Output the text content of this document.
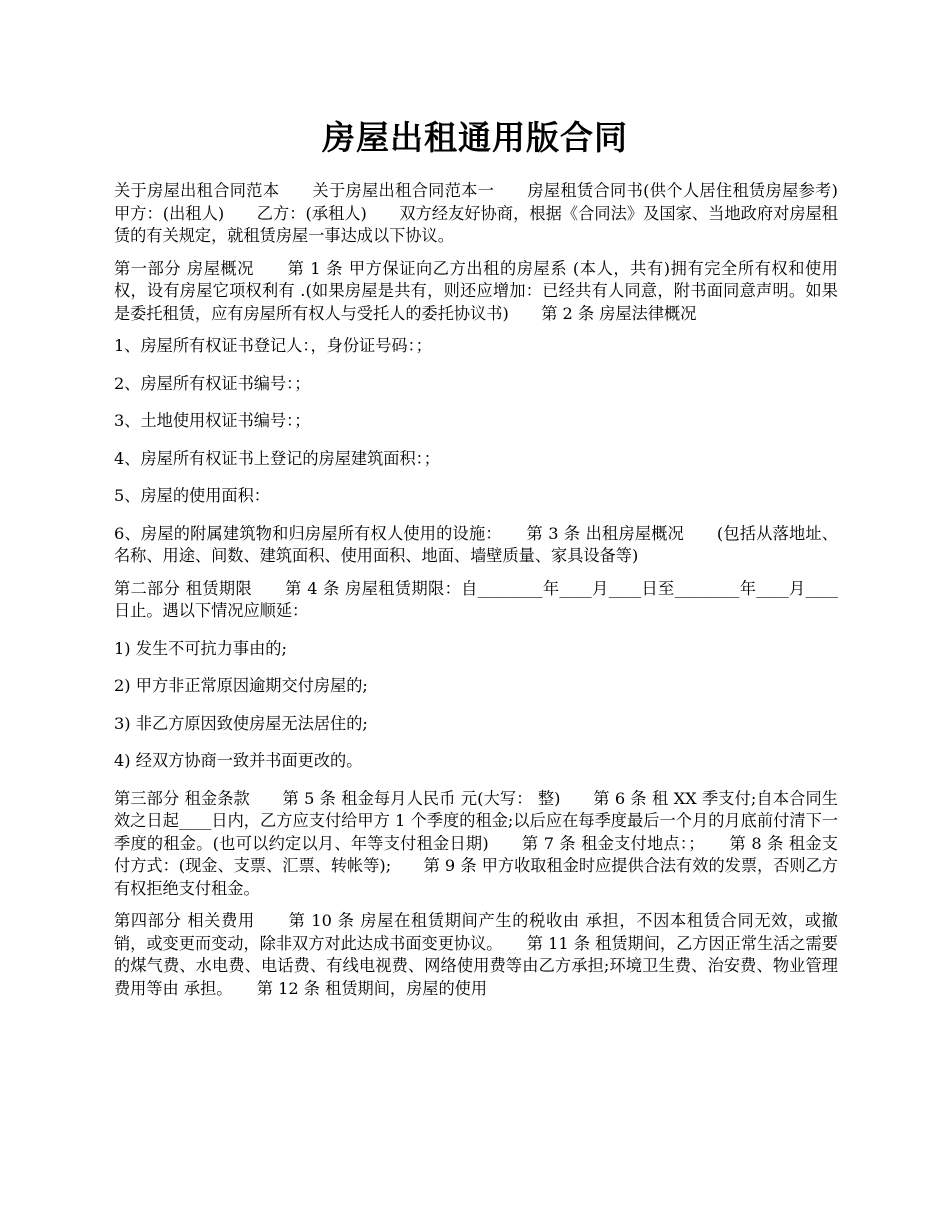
房屋出租通用版合同

关于房屋出租合同范本　　关于房屋出租合同范本一　　房屋租赁合同书(供个人居住租赁房屋参考)　　甲方：(出租人)　　乙方：(承租人)　　双方经友好协商，根据《合同法》及国家、当地政府对房屋租赁的有关规定，就租赁房屋一事达成以下协议。

第一部分 房屋概况　　第 1 条 甲方保证向乙方出租的房屋系 (本人，共有)拥有完全所有权和使用权，设有房屋它项权利有 .(如果房屋是共有，则还应增加：已经共有人同意，附书面同意声明。如果是委托租赁，应有房屋所有权人与受托人的委托协议书)　　第 2 条 房屋法律概况

1、房屋所有权证书登记人：，身份证号码：；

2、房屋所有权证书编号：；

3、土地使用权证书编号：；

4、房屋所有权证书上登记的房屋建筑面积：；

5、房屋的使用面积：

6、房屋的附属建筑物和归房屋所有权人使用的设施：　　第 3 条 出租房屋概况　　(包括从落地址、名称、用途、间数、建筑面积、使用面积、地面、墙壁质量、家具设备等)

第二部分 租赁期限　　第 4 条 房屋租赁期限：自________年____月____日至________年____月____日止。遇以下情况应顺延：

1) 发生不可抗力事由的;

2) 甲方非正常原因逾期交付房屋的;

3) 非乙方原因致使房屋无法居住的;

4) 经双方协商一致并书面更改的。

第三部分 租金条款　　第 5 条 租金每月人民币 元(大写： 整)　　第 6 条 租 XX 季支付;自本合同生效之日起____日内，乙方应支付给甲方 1 个季度的租金;以后应在每季度最后一个月的月底前付清下一季度的租金。(也可以约定以月、年等支付租金日期)　　第 7 条 租金支付地点：；　　第 8 条 租金支付方式：(现金、支票、汇票、转帐等);　　第 9 条 甲方收取租金时应提供合法有效的发票，否则乙方有权拒绝支付租金。

第四部分 相关费用　　第 10 条 房屋在租赁期间产生的税收由 承担，不因本租赁合同无效，或撤销，或变更而变动，除非双方对此达成书面变更协议。　　第 11 条 租赁期间，乙方因正常生活之需要的煤气费、水电费、电话费、有线电视费、网络使用费等由乙方承担;环境卫生费、治安费、物业管理费用等由 承担。　　第 12 条 租赁期间，房屋的使用
